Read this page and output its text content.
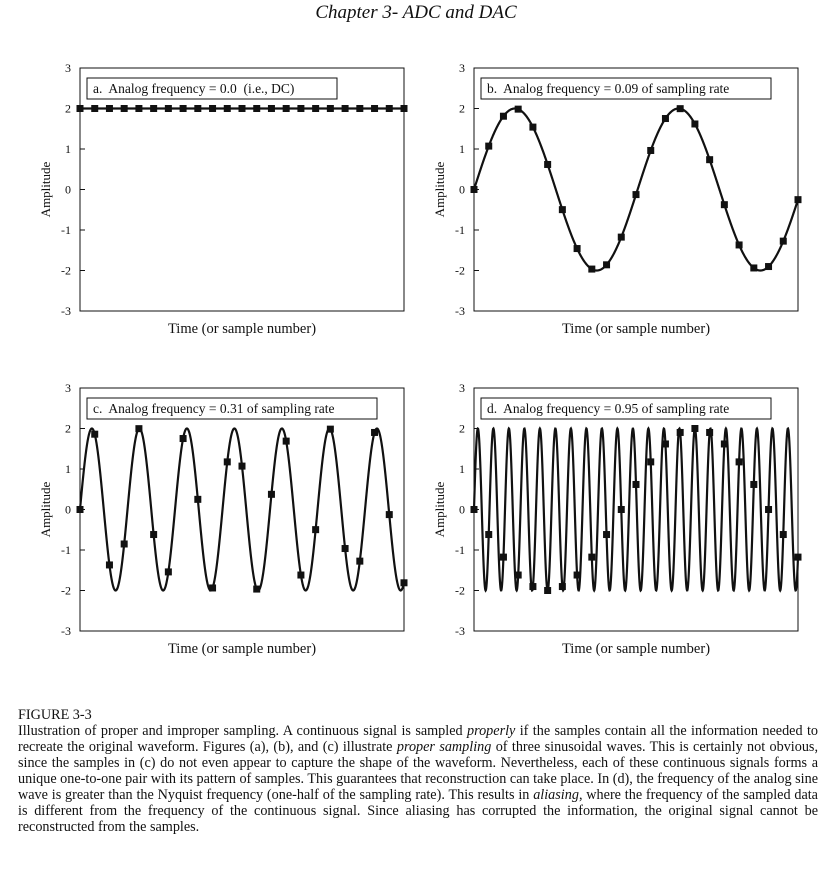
Chapter 3- ADC and DAC
3
2
1
0
-1
-2
-3
Amplitude
Time (or sample number)
a.  Analog frequency = 0.0  (i.e., DC)
3
2
1
0
-1
-2
-3
Amplitude
Time (or sample number)
b.  Analog frequency = 0.09 of sampling rate
3
2
1
0
-1
-2
-3
Amplitude
Time (or sample number)
c.  Analog frequency = 0.31 of sampling rate
3
2
1
0
-1
-2
-3
Amplitude
Time (or sample number)
d.  Analog frequency = 0.95 of sampling rate
FIGURE 3-3

Illustration of proper and improper sampling. A continuous signal is sampled properly if the samples contain all the information needed to recreate the original waveform. Figures (a), (b), and (c) illustrate proper sampling of three sinusoidal waves. This is certainly not obvious, since the samples in (c) do not even appear to capture the shape of the waveform. Nevertheless, each of these continuous signals forms a unique one-to-one pair with its pattern of samples. This guarantees that reconstruction can take place. In (d), the frequency of the analog sine wave is greater than the Nyquist frequency (one-half of the sampling rate). This results in aliasing, where the frequency of the sampled data is different from the frequency of the continuous signal. Since aliasing has corrupted the information, the original signal cannot be reconstructed from the samples.
